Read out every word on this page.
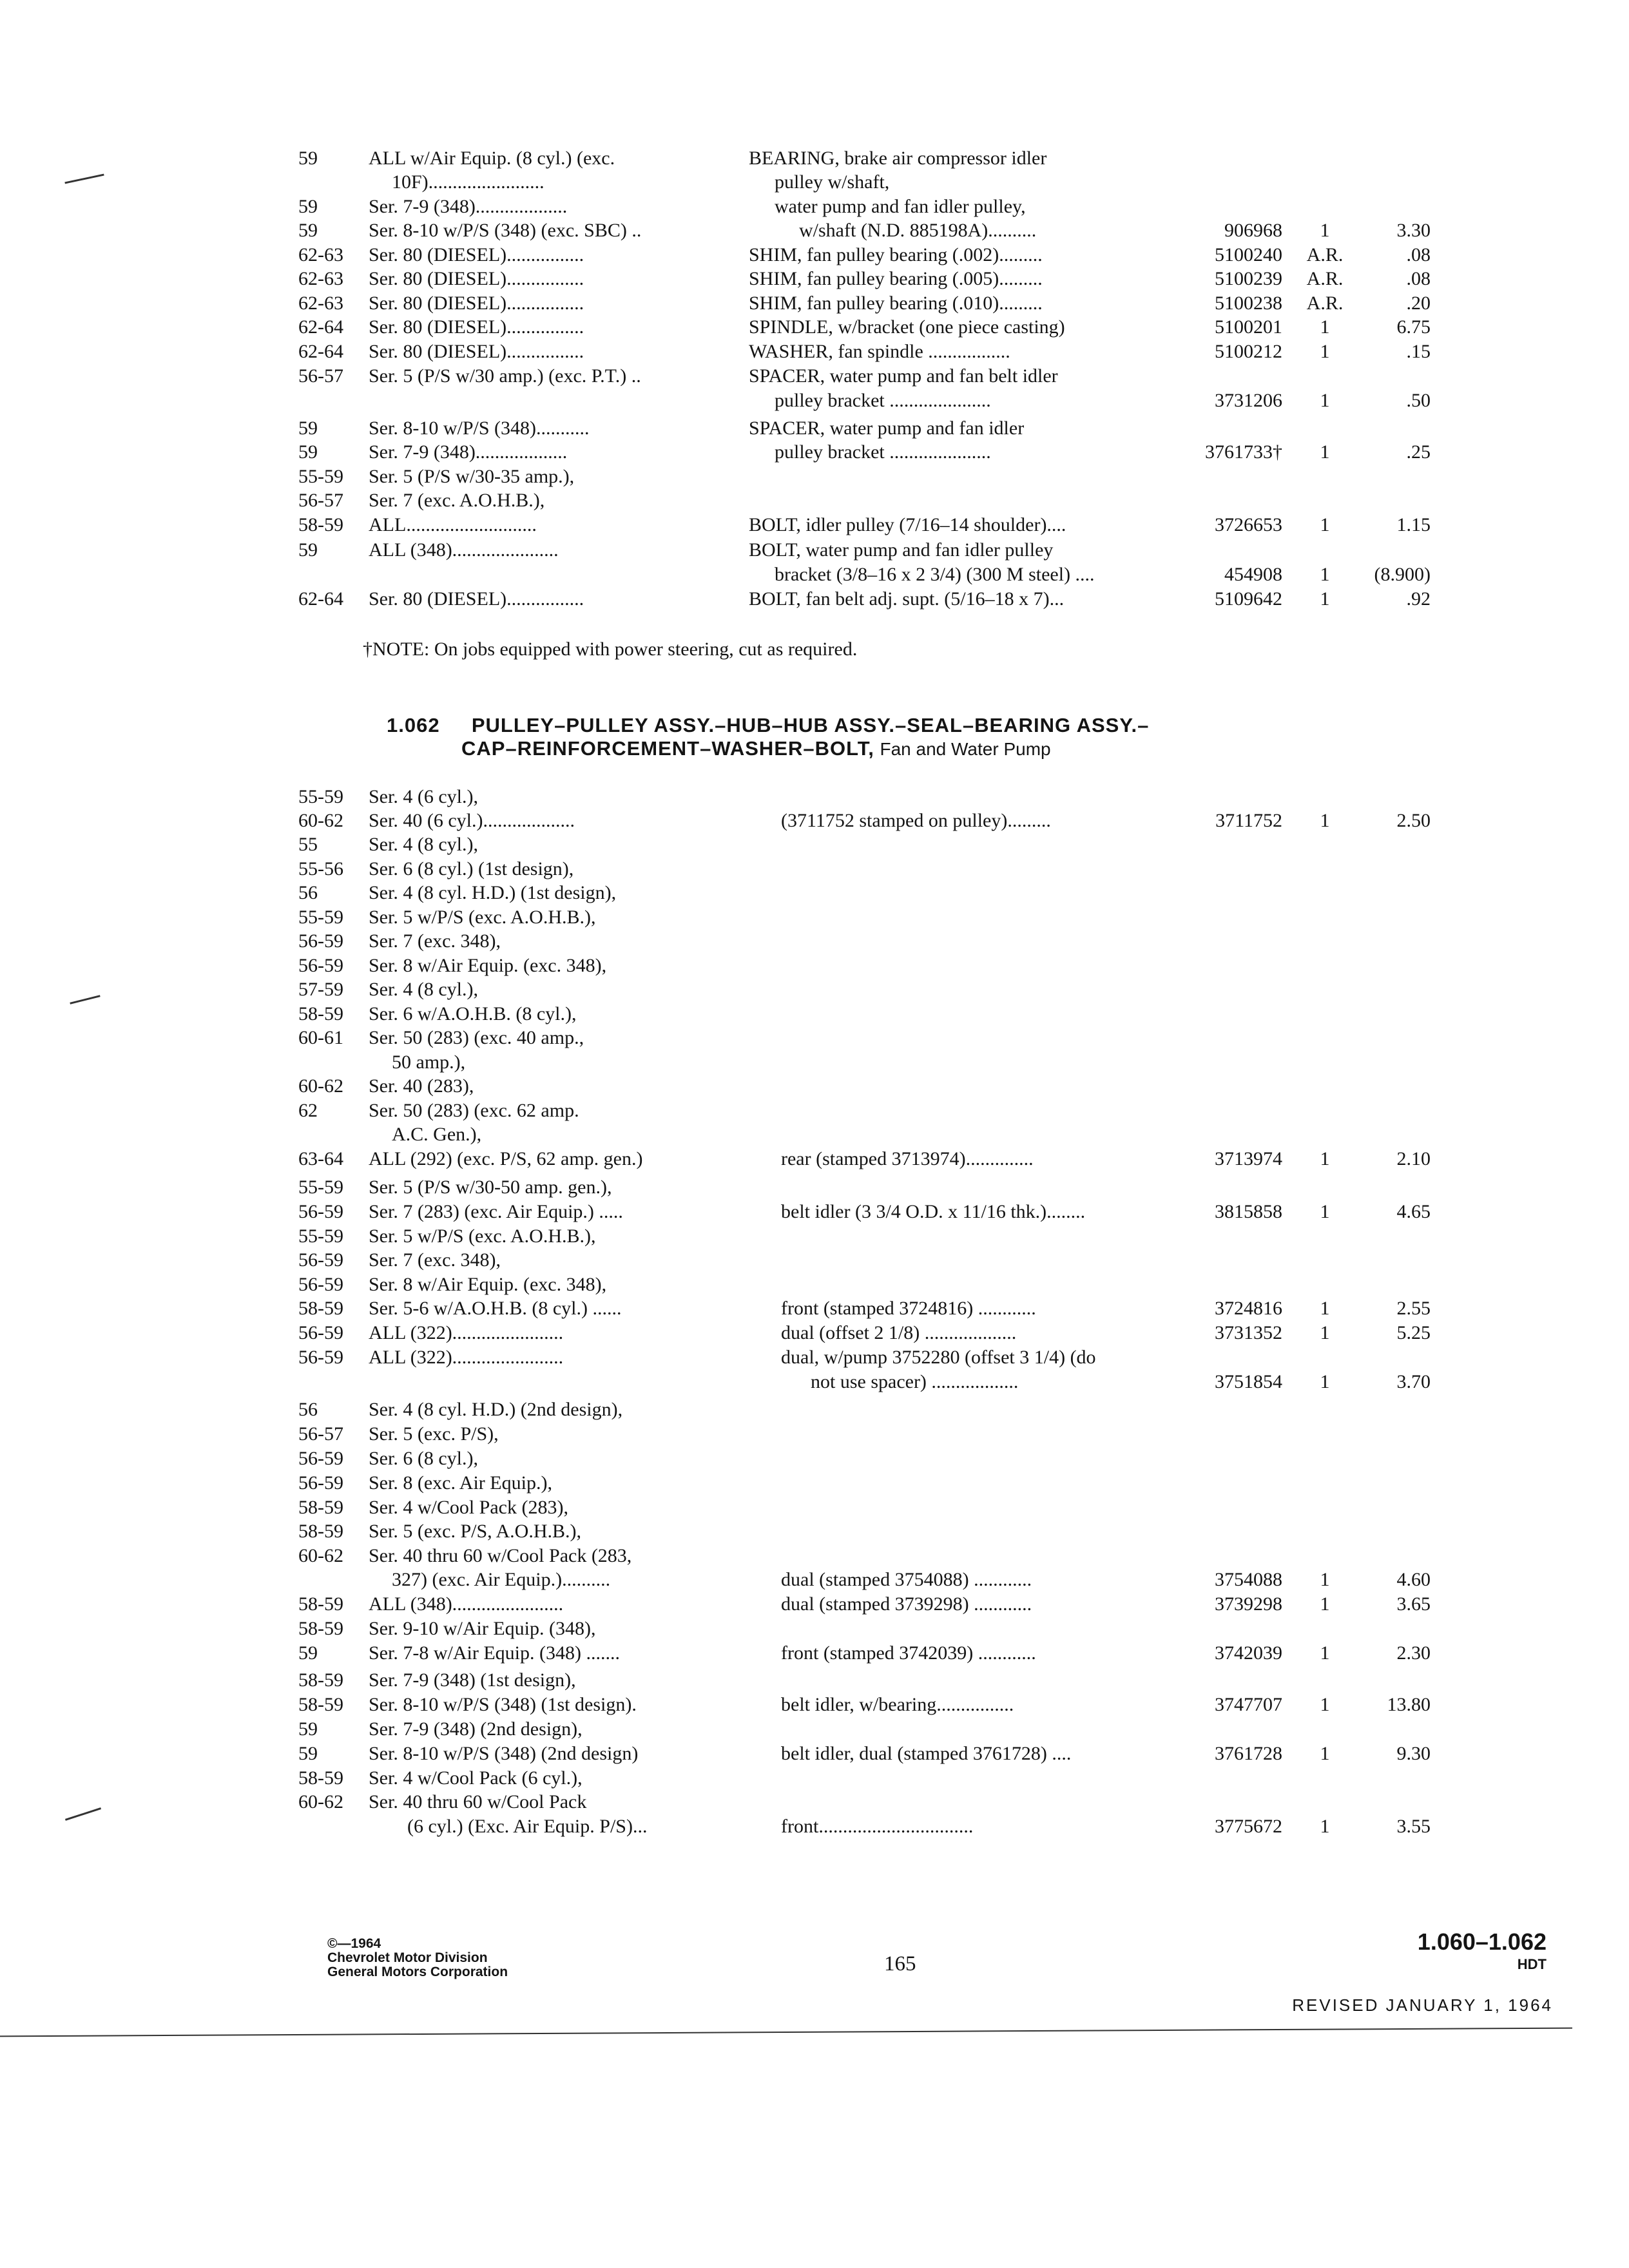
59	ALL w/Air Equip. (8 cyl.) (exc.	BEARING, brake air compressor idler
10F)........................	pulley w/shaft,
59	Ser. 7-9 (348)...................	water pump and fan idler pulley,
59	Ser. 8-10 w/P/S (348) (exc. SBC) ..	w/shaft (N.D. 885198A)..........	906968	1	3.30
62-63 Ser. 80 (DIESEL)................	SHIM, fan pulley bearing (.002).........	5100240	A.R.	.08
62-63 Ser. 80 (DIESEL)................	SHIM, fan pulley bearing (.005).........	5100239	A.R.	.08
62-63 Ser. 80 (DIESEL)................	SHIM, fan pulley bearing (.010).........	5100238	A.R.	.20
62-64 Ser. 80 (DIESEL)................	SPINDLE, w/bracket (one piece casting)	5100201	1	6.75
62-64 Ser. 80 (DIESEL)................	WASHER, fan spindle .................	5100212	1	.15
56-57 Ser. 5 (P/S w/30 amp.) (exc. P.T.) ..	SPACER, water pump and fan belt idler
pulley bracket .....................	3731206	1	.50
59	Ser. 8-10 w/P/S (348)...........	SPACER, water pump and fan idler
59	Ser. 7-9 (348)...................	pulley bracket .....................	3761733†	1	.25
55-59 Ser. 5 (P/S w/30-35 amp.),
56-57 Ser. 7 (exc. A.O.H.B.),
58-59 ALL...........................	BOLT, idler pulley (7/16–14 shoulder)....	3726653	1	1.15
59	ALL (348)......................	BOLT, water pump and fan idler pulley
bracket (3/8–16 x 2 3/4) (300 M steel) ....	454908	1	(8.900)
62-64 Ser. 80 (DIESEL)................	BOLT, fan belt adj. supt. (5/16–18 x 7)...	5109642	1	.92
†NOTE: On jobs equipped with power steering, cut as required.
1.062 PULLEY–PULLEY ASSY.–HUB–HUB ASSY.–SEAL–BEARING ASSY.–
CAP–REINFORCEMENT–WASHER–BOLT, Fan and Water Pump
55-59 Ser. 4 (6 cyl.),
60-62 Ser. 40 (6 cyl.)...................	(3711752 stamped on pulley).........	3711752	1	2.50
55	Ser. 4 (8 cyl.),
55-56 Ser. 6 (8 cyl.) (1st design),
56	Ser. 4 (8 cyl. H.D.) (1st design),
55-59 Ser. 5 w/P/S (exc. A.O.H.B.),
56-59 Ser. 7 (exc. 348),
56-59 Ser. 8 w/Air Equip. (exc. 348),
57-59 Ser. 4 (8 cyl.),
58-59 Ser. 6 w/A.O.H.B. (8 cyl.),
60-61 Ser. 50 (283) (exc. 40 amp.,
50 amp.),
60-62 Ser. 40 (283),
62	Ser. 50 (283) (exc. 62 amp.
A.C. Gen.),
63-64 ALL (292) (exc. P/S, 62 amp. gen.)	rear (stamped 3713974)..............	3713974	1	2.10
55-59 Ser. 5 (P/S w/30-50 amp. gen.),
56-59 Ser. 7 (283) (exc. Air Equip.) .....	belt idler (3 3/4 O.D. x 11/16 thk.)........	3815858	1	4.65
55-59 Ser. 5 w/P/S (exc. A.O.H.B.),
56-59 Ser. 7 (exc. 348),
56-59 Ser. 8 w/Air Equip. (exc. 348),
58-59 Ser. 5-6 w/A.O.H.B. (8 cyl.) ......	front (stamped 3724816) ............	3724816	1	2.55
56-59 ALL (322).......................	dual (offset 2 1/8) ...................	3731352	1	5.25
56-59 ALL (322).......................	dual, w/pump 3752280 (offset 3 1/4) (do
not use spacer) ..................	3751854	1	3.70
56	Ser. 4 (8 cyl. H.D.) (2nd design),
56-57 Ser. 5 (exc. P/S),
56-59 Ser. 6 (8 cyl.),
56-59 Ser. 8 (exc. Air Equip.),
58-59 Ser. 4 w/Cool Pack (283),
58-59 Ser. 5 (exc. P/S, A.O.H.B.),
60-62 Ser. 40 thru 60 w/Cool Pack (283,
327) (exc. Air Equip.)..........	dual (stamped 3754088) ............	3754088	1	4.60
58-59 ALL (348).......................	dual (stamped 3739298) ............	3739298	1	3.65
58-59 Ser. 9-10 w/Air Equip. (348),
59	Ser. 7-8 w/Air Equip. (348) .......	front (stamped 3742039) ............	3742039	1	2.30
58-59 Ser. 7-9 (348) (1st design),
58-59 Ser. 8-10 w/P/S (348) (1st design).	belt idler, w/bearing................	3747707	1	13.80
59	Ser. 7-9 (348) (2nd design),
59	Ser. 8-10 w/P/S (348) (2nd design)	belt idler, dual (stamped 3761728) ....	3761728	1	9.30
58-59 Ser. 4 w/Cool Pack (6 cyl.),
60-62 Ser. 40 thru 60 w/Cool Pack
(6 cyl.) (Exc. Air Equip. P/S)...	front................................	3775672	1	3.55
©—1964
Chevrolet Motor Division
General Motors Corporation	165
1.060–1.062
HDT
REVISED JANUARY 1, 1964
